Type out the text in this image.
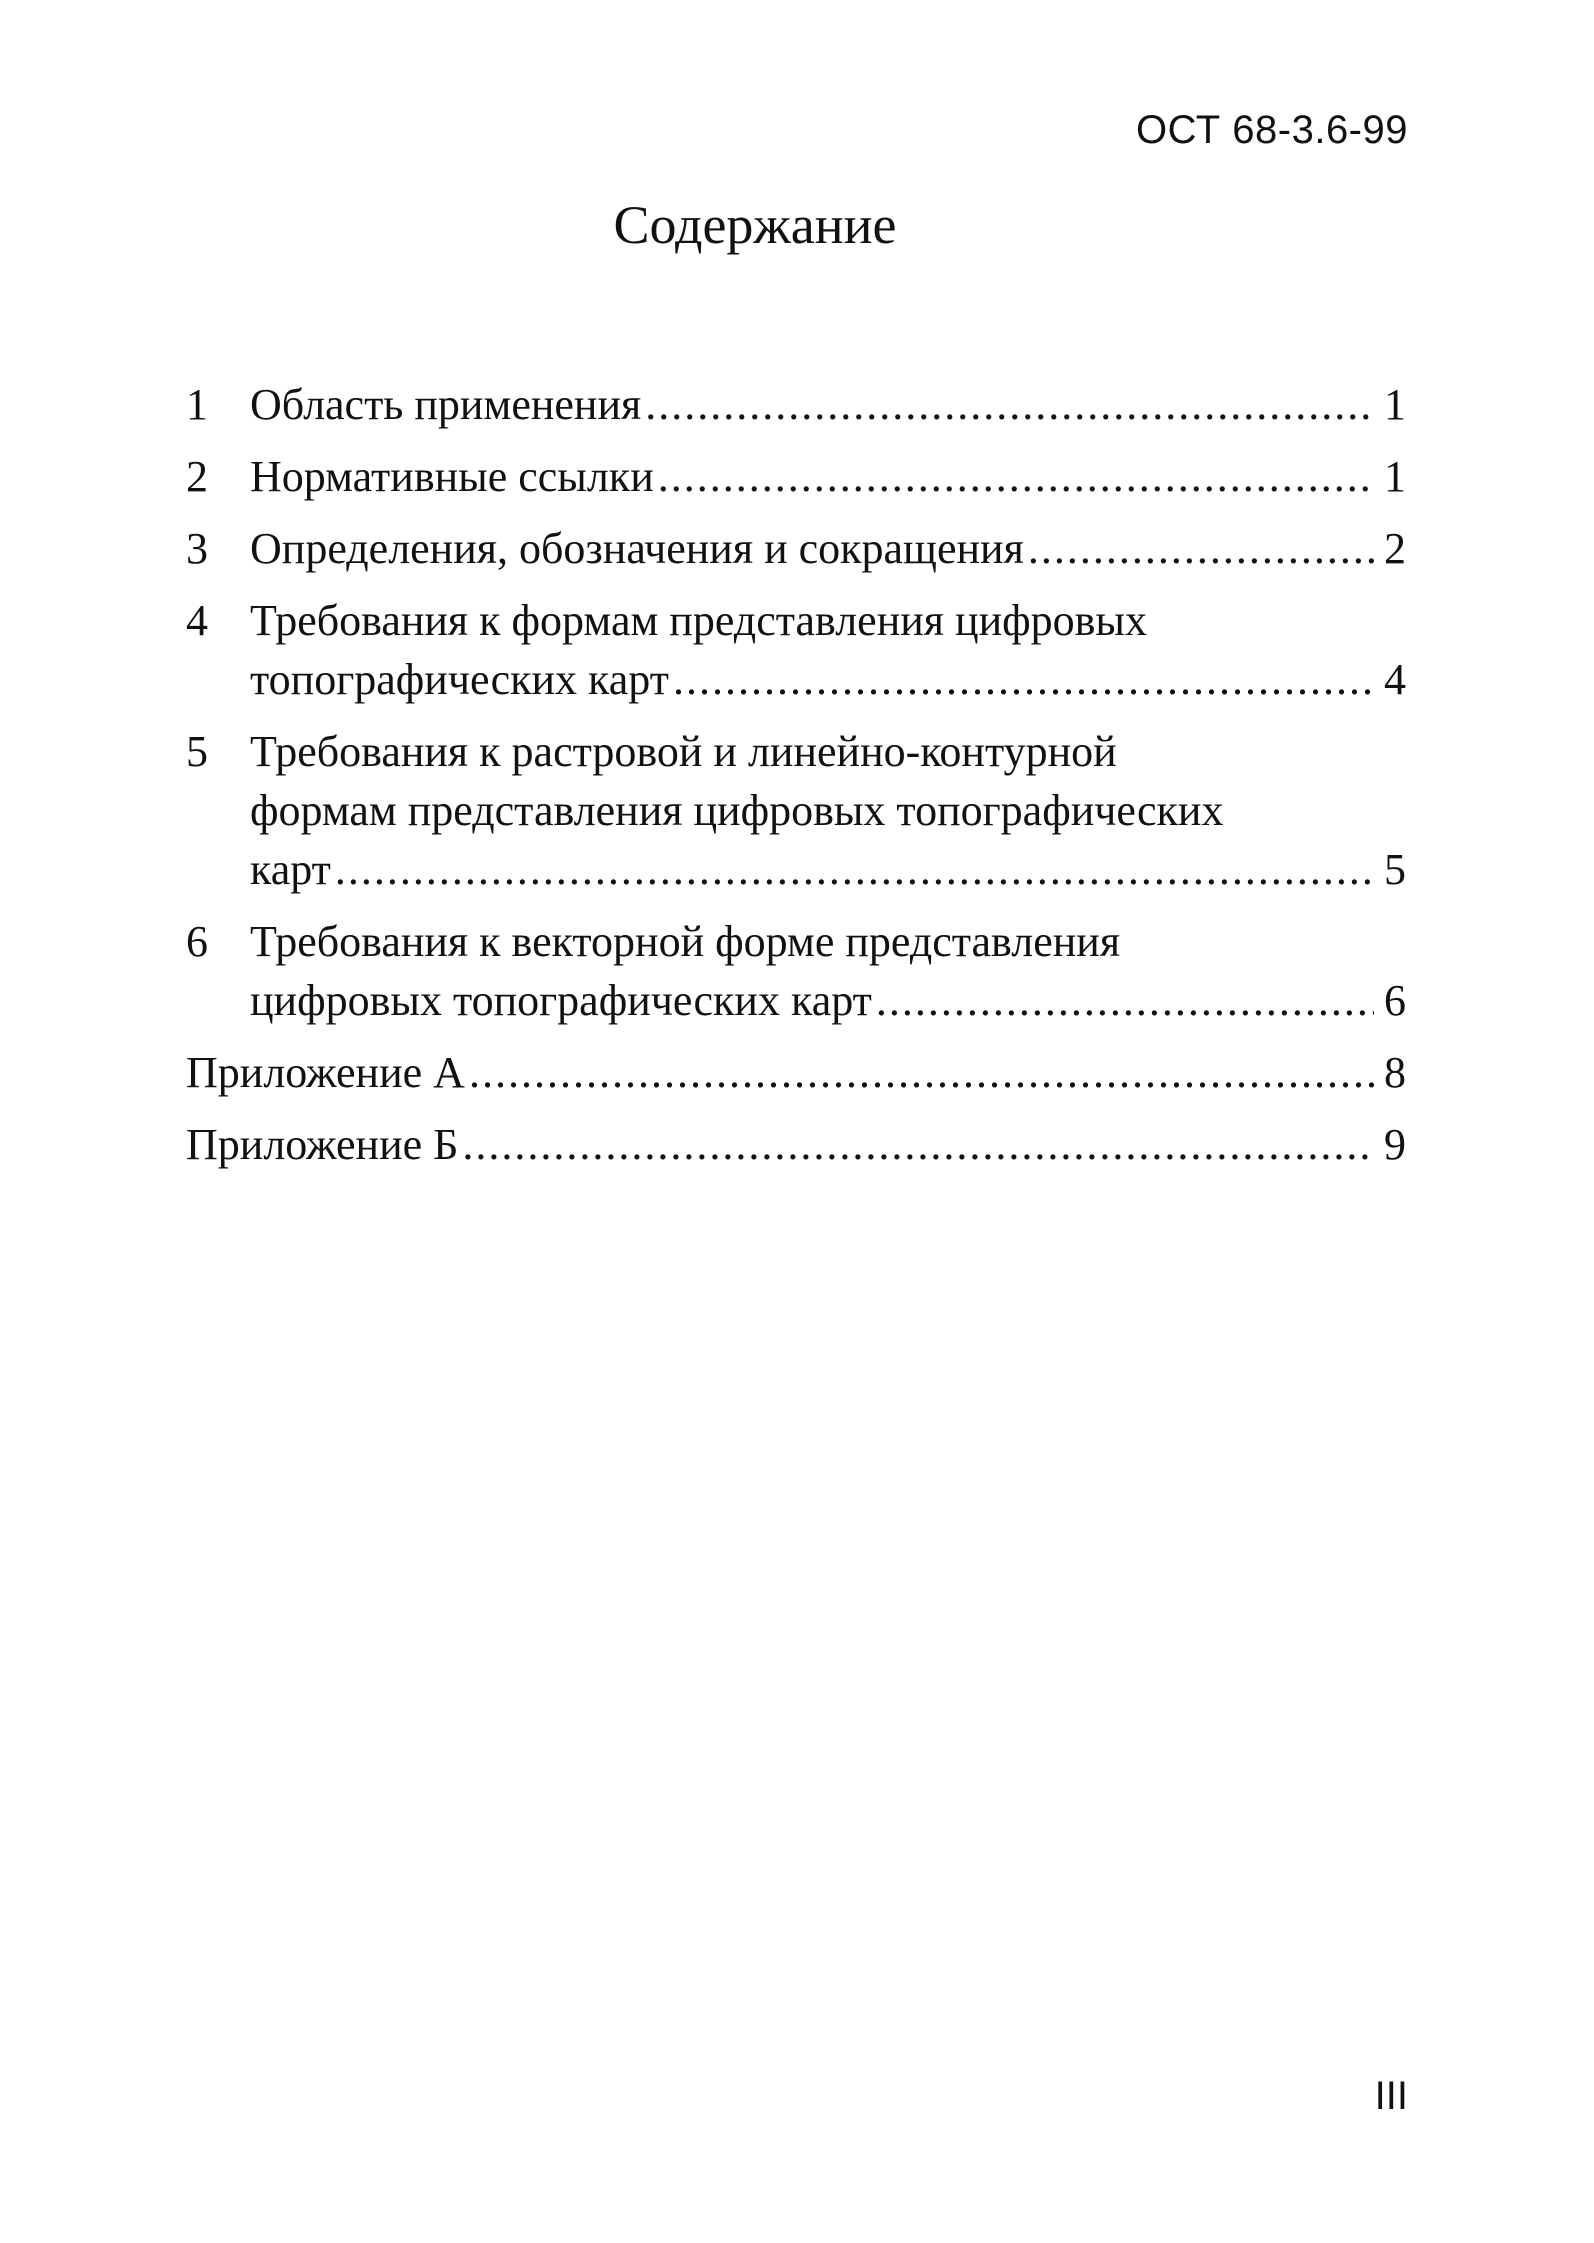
ОСТ 68-3.6-99
Содержание
1 Область применения .....	1
2 Нормативные ссылки .....	1
3 Определения, обозначения и сокращения .....	2
4 Требования к формам представления цифровых
топографических карт .....	4
5 Требования к растровой и линейно-контурной
формам представления цифровых топографических
карт .....	5
6 Требования к векторной форме представления
цифровых топографических карт .....	6
Приложение А .....	8
Приложение Б .....	9
III
